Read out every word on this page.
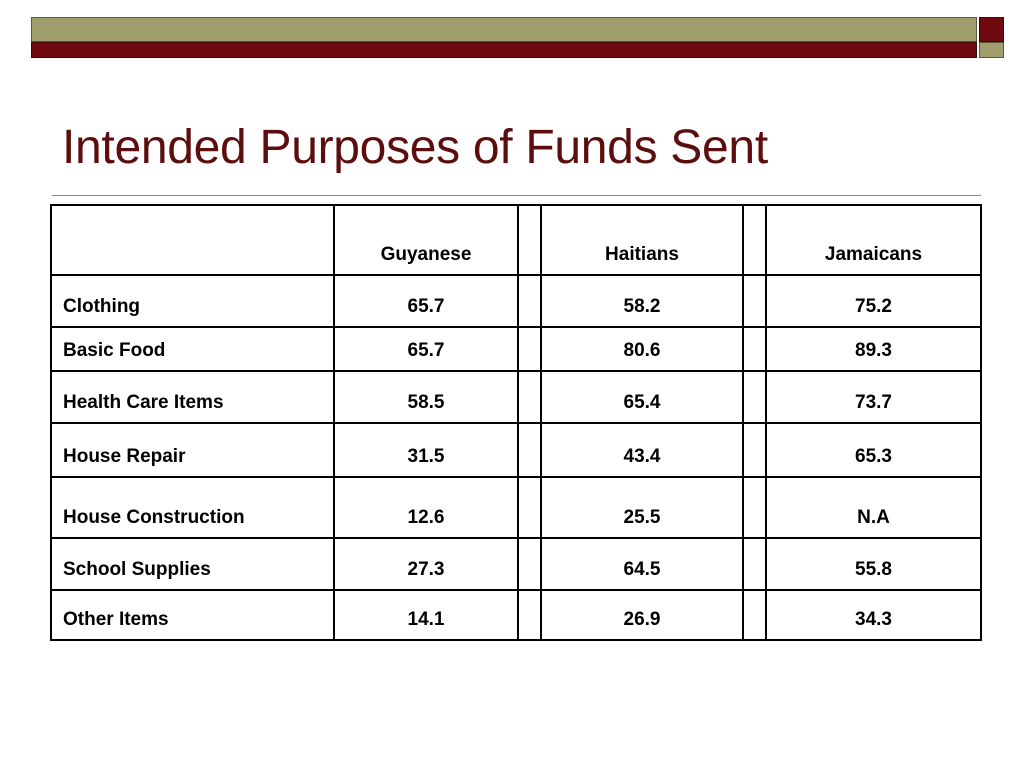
Intended Purposes of Funds Sent
	Guyanese		Haitians		Jamaicans
Clothing	65.7		58.2		75.2
Basic Food	65.7		80.6		89.3
Health Care Items	58.5		65.4		73.7
House Repair	31.5		43.4		65.3
House Construction	12.6		25.5		N.A
School Supplies	27.3		64.5		55.8
Other Items	14.1		26.9		34.3
